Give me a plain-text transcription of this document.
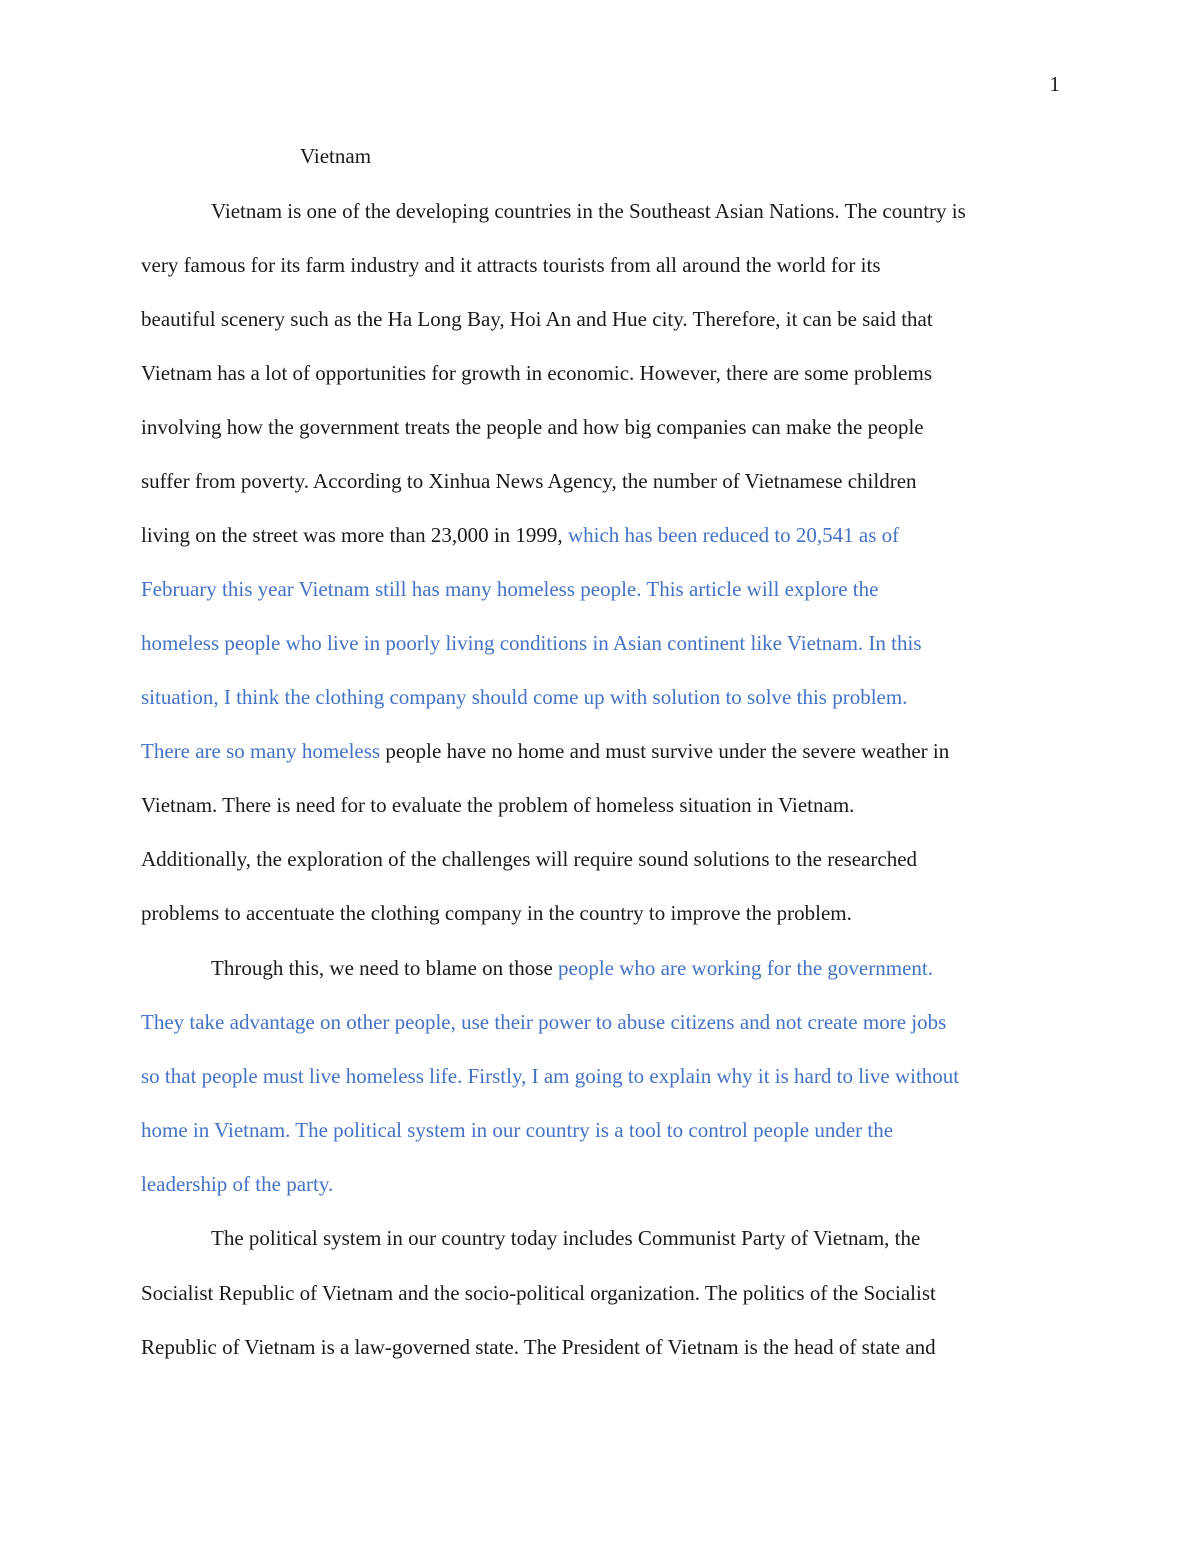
1
Vietnam
Vietnam is one of the developing countries in the Southeast Asian Nations. The country is
very famous for its farm industry and it attracts tourists from all around the world for its
beautiful scenery such as the Ha Long Bay, Hoi An and Hue city. Therefore, it can be said that
Vietnam has a lot of opportunities for growth in economic. However, there are some problems
involving how the government treats the people and how big companies can make the people
suffer from poverty. According to Xinhua News Agency, the number of Vietnamese children
living on the street was more than 23,000 in 1999, which has been reduced to 20,541 as of
February this year Vietnam still has many homeless people. This article will explore the
homeless people who live in poorly living conditions in Asian continent like Vietnam. In this
situation, I think the clothing company should come up with solution to solve this problem.
There are so many homeless people have no home and must survive under the severe weather in
Vietnam. There is need for to evaluate the problem of homeless situation in Vietnam.
Additionally, the exploration of the challenges will require sound solutions to the researched
problems to accentuate the clothing company in the country to improve the problem.
Through this, we need to blame on those people who are working for the government.
They take advantage on other people, use their power to abuse citizens and not create more jobs
so that people must live homeless life. Firstly, I am going to explain why it is hard to live without
home in Vietnam. The political system in our country is a tool to control people under the
leadership of the party.
The political system in our country today includes Communist Party of Vietnam, the
Socialist Republic of Vietnam and the socio-political organization. The politics of the Socialist
Republic of Vietnam is a law-governed state. The President of Vietnam is the head of state and
